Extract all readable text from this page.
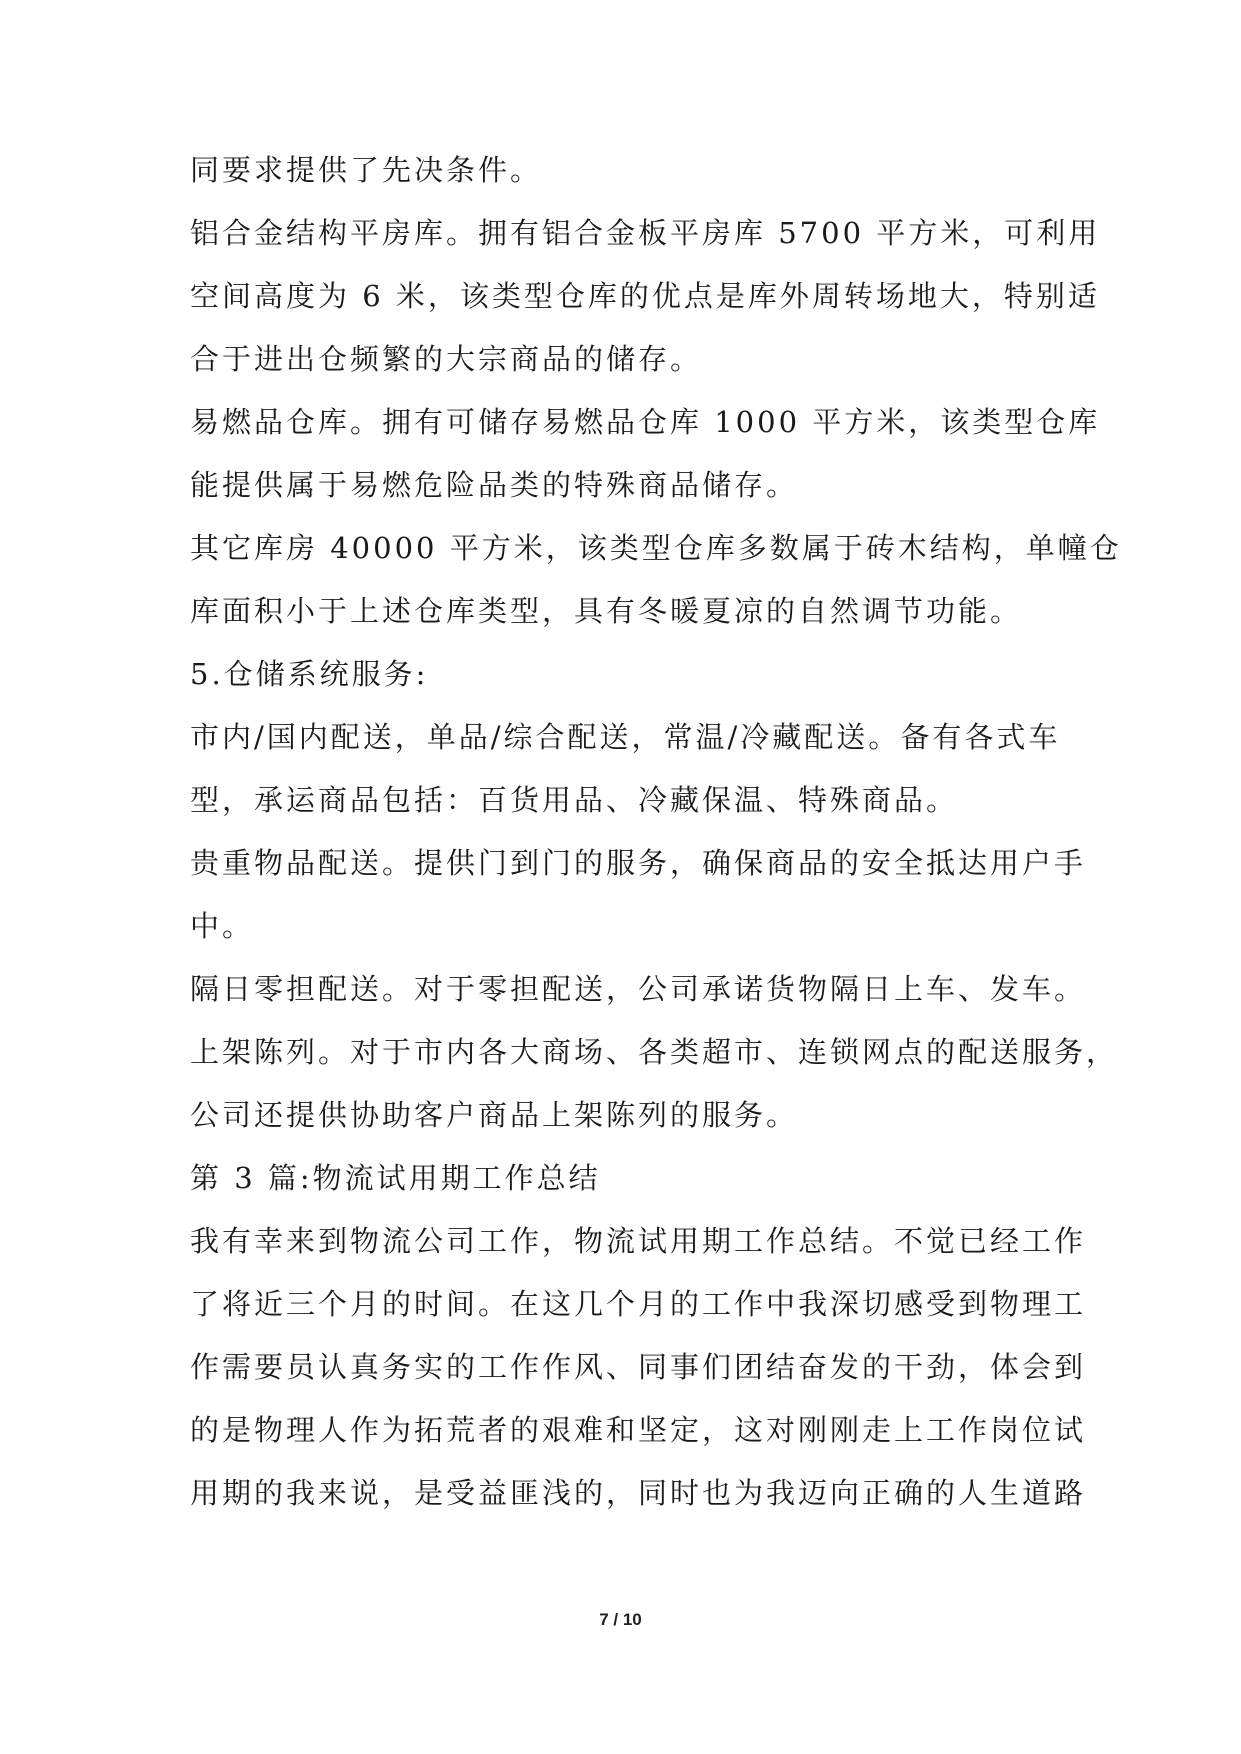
同要求提供了先决条件。
铝合金结构平房库。拥有铝合金板平房库 5700 平方米，可利用
空间高度为 6 米，该类型仓库的优点是库外周转场地大，特别适
合于进出仓频繁的大宗商品的储存。
易燃品仓库。拥有可储存易燃品仓库 1000 平方米，该类型仓库
能提供属于易燃危险品类的特殊商品储存。
其它库房 40000 平方米，该类型仓库多数属于砖木结构，单幢仓
库面积小于上述仓库类型，具有冬暖夏凉的自然调节功能。
5.仓储系统服务:
市内/国内配送，单品/综合配送，常温/冷藏配送。备有各式车
型，承运商品包括：百货用品、冷藏保温、特殊商品。
贵重物品配送。提供门到门的服务，确保商品的安全抵达用户手
中。
隔日零担配送。对于零担配送，公司承诺货物隔日上车、发车。
上架陈列。对于市内各大商场、各类超市、连锁网点的配送服务，
公司还提供协助客户商品上架陈列的服务。
第 3 篇:物流试用期工作总结
我有幸来到物流公司工作，物流试用期工作总结。不觉已经工作
了将近三个月的时间。在这几个月的工作中我深切感受到物理工
作需要员认真务实的工作作风、同事们团结奋发的干劲，体会到
的是物理人作为拓荒者的艰难和坚定，这对刚刚走上工作岗位试
用期的我来说，是受益匪浅的，同时也为我迈向正确的人生道路
7 / 10
